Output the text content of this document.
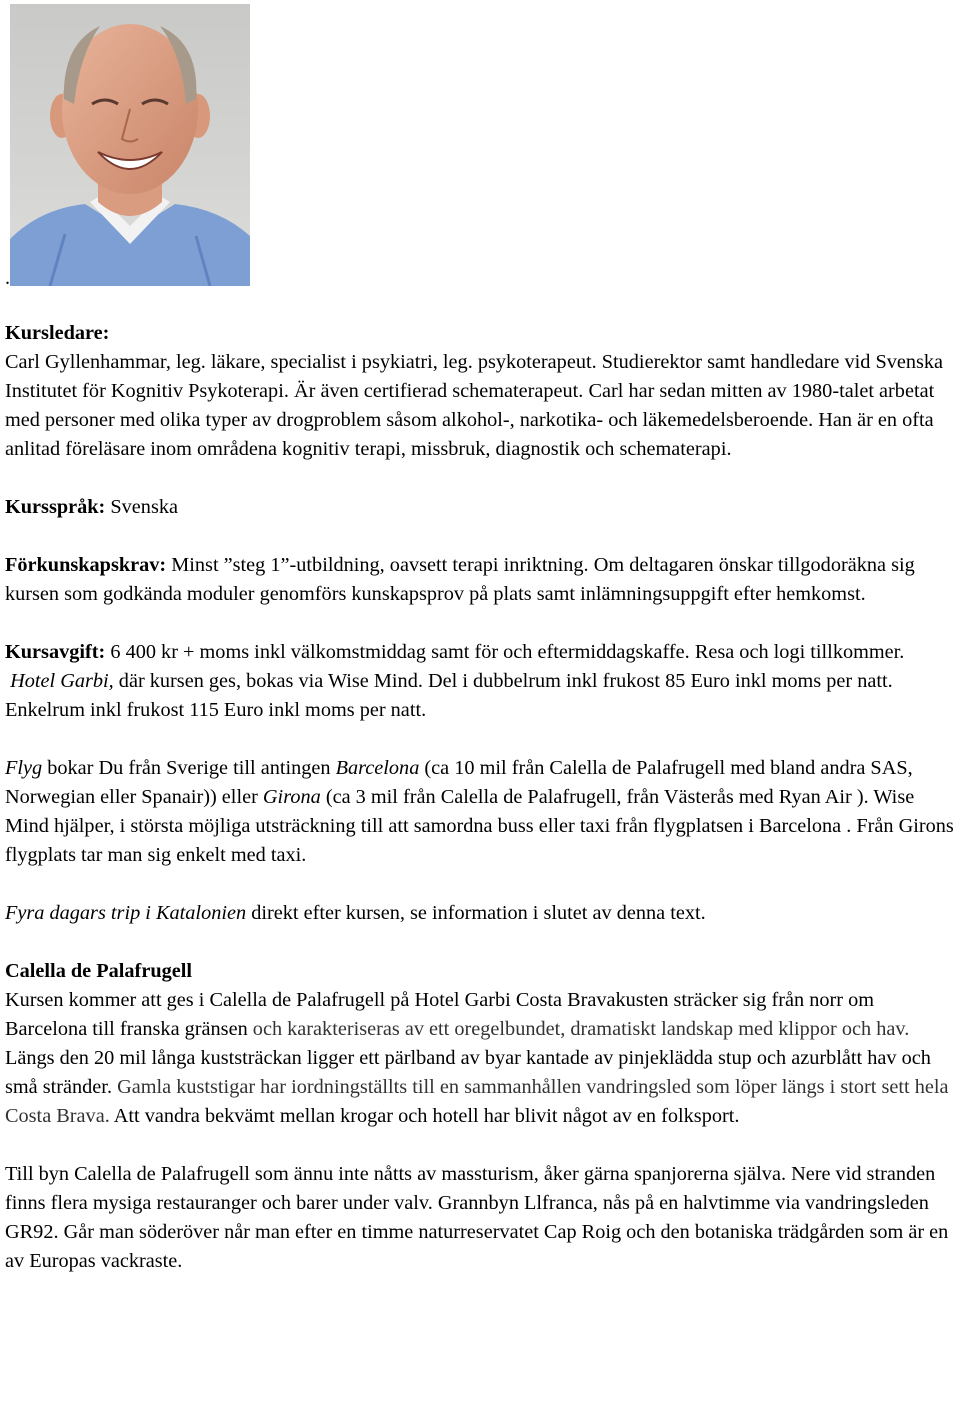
.

Kursledare:

Carl Gyllenhammar, leg. läkare, specialist i psykiatri, leg. psykoterapeut. Studierektor samt handledare vid Svenska Institutet för Kognitiv Psykoterapi. Är även certifierad schematerapeut. Carl har sedan mitten av 1980-talet arbetat med personer med olika typer av drogproblem såsom alkohol-, narkotika- och läkemedelsberoende. Han är en ofta anlitad föreläsare inom områdena kognitiv terapi, missbruk, diagnostik och schematerapi.

Kursspråk: Svenska

Förkunskapskrav: Minst ”steg 1”-utbildning, oavsett terapi inriktning. Om deltagaren önskar tillgodoräkna sig kursen som godkända moduler genomförs kunskapsprov på plats samt inlämningsuppgift efter hemkomst.

Kursavgift: 6 400 kr + moms inkl välkomstmiddag samt för och eftermiddagskaffe. Resa och logi tillkommer.

Hotel Garbi, där kursen ges, bokas via Wise Mind. Del i dubbelrum inkl frukost 85 Euro inkl moms per natt. Enkelrum inkl frukost 115 Euro inkl moms per natt.

Flyg bokar Du från Sverige till antingen Barcelona (ca 10 mil från Calella de Palafrugell med bland andra SAS, Norwegian eller Spanair)) eller Girona (ca 3 mil från Calella de Palafrugell, från Västerås med Ryan Air ). Wise Mind hjälper, i största möjliga utsträckning till att samordna buss eller taxi från flygplatsen i Barcelona . Från Girons flygplats tar man sig enkelt med taxi.

Fyra dagars trip i Katalonien direkt efter kursen, se information i slutet av denna text.

Calella de Palafrugell

Kursen kommer att ges i Calella de Palafrugell på Hotel Garbi Costa Bravakusten sträcker sig från norr om Barcelona till franska gränsen och karakteriseras av ett oregelbundet, dramatiskt landskap med klippor och hav. Längs den 20 mil långa kuststräckan ligger ett pärlband av byar kantade av pinjeklädda stup och azurblått hav och små stränder. Gamla kuststigar har iordningställts till en sammanhållen vandringsled som löper längs i stort sett hela Costa Brava. Att vandra bekvämt mellan krogar och hotell har blivit något av en folksport.

Till byn Calella de Palafrugell som ännu inte nåtts av massturism, åker gärna spanjorerna själva. Nere vid stranden finns flera mysiga restauranger och barer under valv. Grannbyn Llfranca, nås på en halvtimme via vandringsleden GR92. Går man söderöver når man efter en timme naturreservatet Cap Roig och den botaniska trädgården som är en av Europas vackraste.
